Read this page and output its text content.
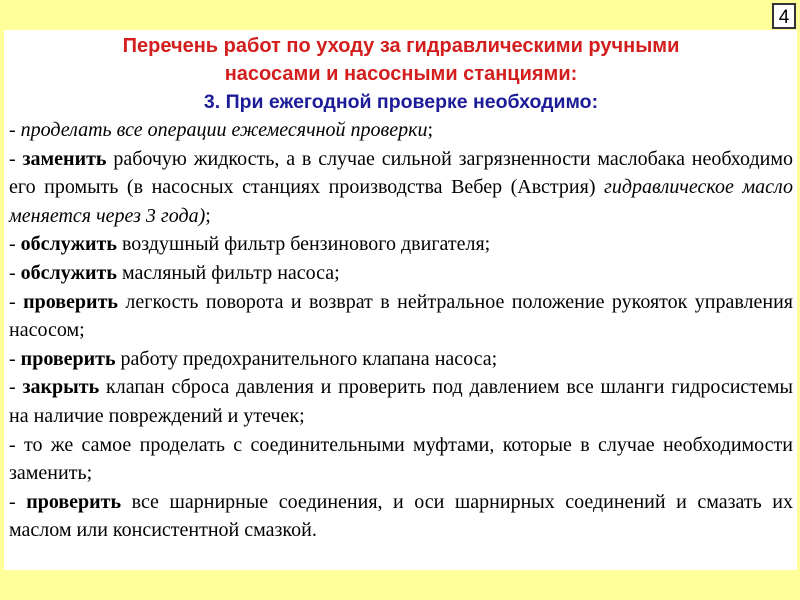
4
Перечень работ по уходу за гидравлическими ручными
насосами и насосными станциями:
3. При ежегодной проверке необходимо:
- проделать все операции ежемесячной проверки;
- заменить рабочую жидкость, а в случае сильной загрязненности маслобака необходимо его промыть (в насосных станциях производства Вебер (Австрия) гидравлическое масло меняется через 3 года);
- обслужить воздушный фильтр бензинового двигателя;
- обслужить масляный фильтр насоса;
- проверить легкость поворота и возврат в нейтральное положение рукояток управления насосом;
- проверить работу предохранительного клапана насоса;
- закрыть клапан сброса давления и проверить под давлением все шланги гидросистемы на наличие повреждений и утечек;
- то же самое проделать с соединительными муфтами, которые в случае необходимости заменить;
- проверить все шарнирные соединения, и оси шарнирных соединений и смазать их маслом или консистентной смазкой.
